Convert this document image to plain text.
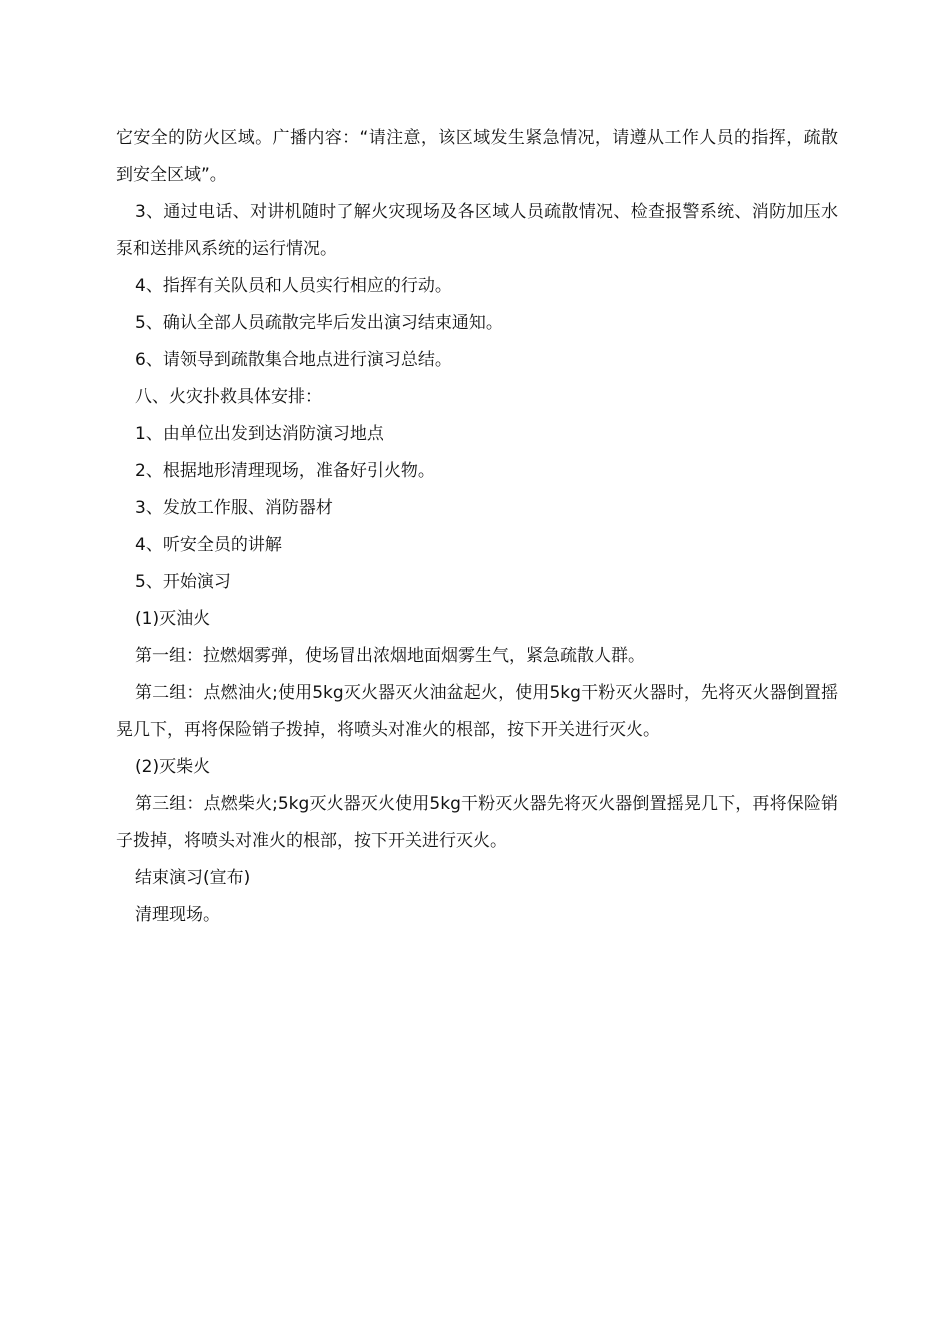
它安全的防火区域。广播内容：“请注意，该区域发生紧急情况，请遵从工作人员的指挥，疏散到安全区域”。

3、通过电话、对讲机随时了解火灾现场及各区域人员疏散情况、检查报警系统、消防加压水泵和送排风系统的运行情况。

4、指挥有关队员和人员实行相应的行动。

5、确认全部人员疏散完毕后发出演习结束通知。

6、请领导到疏散集合地点进行演习总结。

八、火灾扑救具体安排：

1、由单位出发到达消防演习地点

2、根据地形清理现场，准备好引火物。

3、发放工作服、消防器材

4、听安全员的讲解

5、开始演习

(1)灭油火

第一组：拉燃烟雾弹，使场冒出浓烟地面烟雾生气，紧急疏散人群。

第二组：点燃油火;使用5kg灭火器灭火油盆起火，使用5kg干粉灭火器时，先将灭火器倒置摇晃几下，再将保险销子拨掉，将喷头对准火的根部，按下开关进行灭火。

(2)灭柴火

第三组：点燃柴火;5kg灭火器灭火使用5kg干粉灭火器先将灭火器倒置摇晃几下，再将保险销子拨掉，将喷头对准火的根部，按下开关进行灭火。

结束演习(宣布)

清理现场。
